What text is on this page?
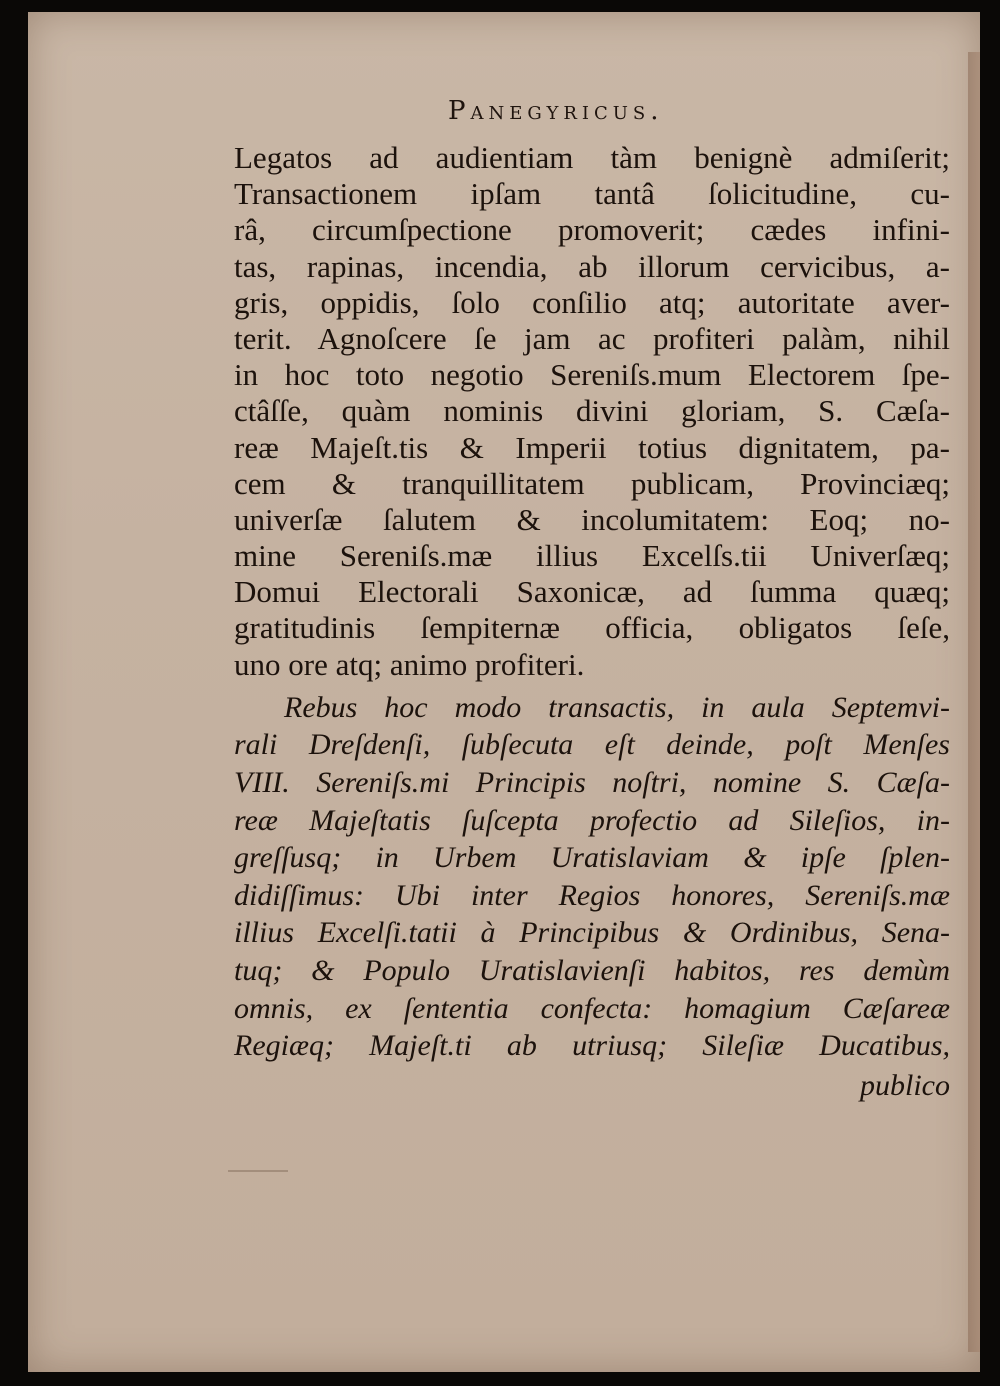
Panegyricus.
Legatos ad audientiam tàm benignè admiſerit;
Transactionem ipſam tantâ ſolicitudine, cu-
râ, circumſpectione promoverit; cædes infini-
tas, rapinas, incendia, ab illorum cervicibus, a-
gris, oppidis, ſolo conſilio atq; autoritate aver-
terit. Agnoſcere ſe jam ac profiteri palàm, nihil
in hoc toto negotio Sereniſs.mum Electorem ſpe-
ctâſſe, quàm nominis divini gloriam, S. Cæſa-
reæ Majeſt.tis & Imperii totius dignitatem, pa-
cem & tranquillitatem publicam, Provinciæq;
univerſæ ſalutem & incolumitatem: Eoq; no-
mine Sereniſs.mæ illius Excelſs.tii Univerſæq;
Domui Electorali Saxonicæ, ad ſumma quæq;
gratitudinis ſempiternæ officia, obligatos ſeſe,
uno ore atq; animo profiteri.
Rebus hoc modo transactis, in aula Septemvi-
rali Dreſdenſi, ſubſecuta eſt deinde, poſt Menſes
VIII. Sereniſs.mi Principis noſtri, nomine S. Cæſa-
reæ Majeſtatis ſuſcepta profectio ad Sileſios, in-
greſſusq; in Urbem Uratislaviam & ipſe ſplen-
didiſſimus: Ubi inter Regios honores, Sereniſs.mæ
illius Excelſi.tatii à Principibus & Ordinibus, Sena-
tuq; & Populo Uratislavienſi habitos, res demùm
omnis, ex ſententia confecta: homagium Cæſareæ
Regiæq; Majeſt.ti ab utriusq; Sileſiæ Ducatibus,
publico
